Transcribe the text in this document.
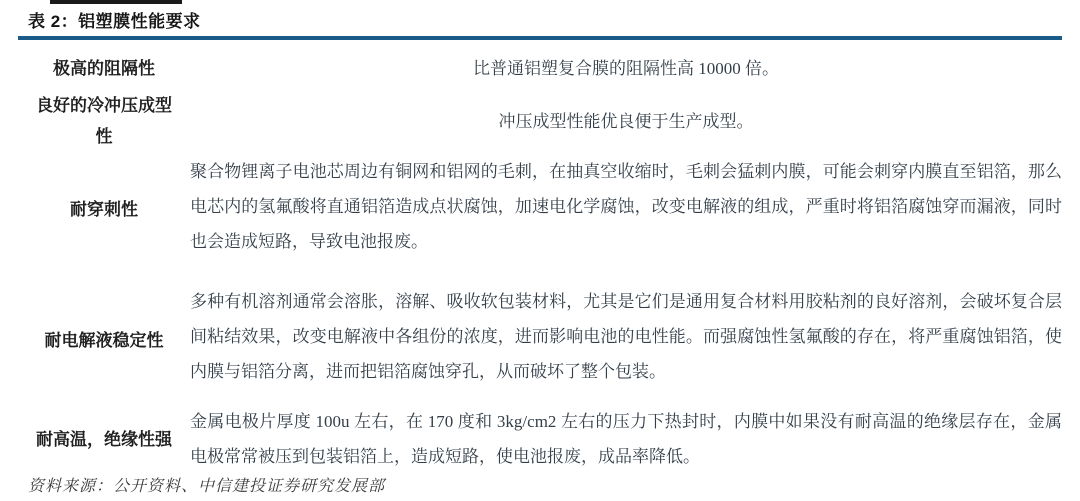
表 2：铝塑膜性能要求
极高的阻隔性	比普通铝塑复合膜的阻隔性高 10000 倍。
良好的冷冲压成型性
冲压成型性能优良便于生产成型。
耐穿刺性
聚合物锂离子电池芯周边有铜网和铝网的毛刺，在抽真空收缩时，毛刺会猛刺内膜，可能会刺穿内膜直至铝箔，那么电芯内的氢氟酸将直通铝箔造成点状腐蚀，加速电化学腐蚀，改变电解液的组成，严重时将铝箔腐蚀穿而漏液，同时也会造成短路，导致电池报废。
耐电解液稳定性
多种有机溶剂通常会溶胀，溶解、吸收软包装材料，尤其是它们是通用复合材料用胶粘剂的良好溶剂，会破坏复合层间粘结效果，改变电解液中各组份的浓度，进而影响电池的电性能。而强腐蚀性氢氟酸的存在，将严重腐蚀铝箔，使内膜与铝箔分离，进而把铝箔腐蚀穿孔，从而破坏了整个包装。
耐高温，绝缘性强
金属电极片厚度 100u 左右，在 170 度和 3kg/cm2 左右的压力下热封时，内膜中如果没有耐高温的绝缘层存在，金属电极常常被压到包装铝箔上，造成短路，使电池报废，成品率降低。
资料来源：公开资料、中信建投证券研究发展部
